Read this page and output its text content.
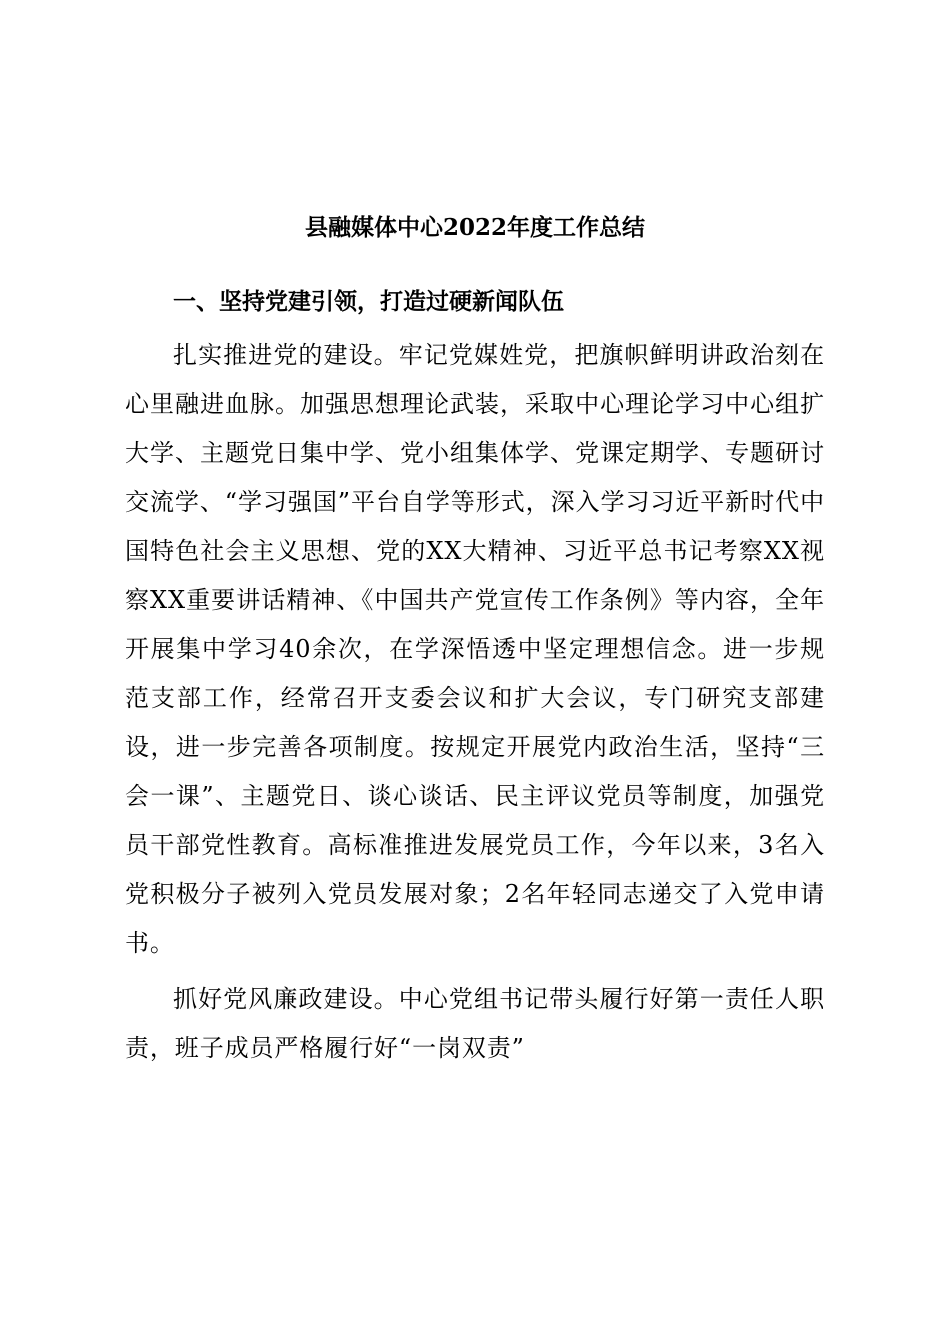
县融媒体中心2022年度工作总结
一、坚持党建引领，打造过硬新闻队伍

扎实推进党的建设。牢记党媒姓党，把旗帜鲜明讲政治刻在心里融进血脉。加强思想理论武装，采取中心理论学习中心组扩大学、主题党日集中学、党小组集体学、党课定期学、专题研讨交流学、“学习强国”平台自学等形式，深入学习习近平新时代中国特色社会主义思想、党的XX大精神、习近平总书记考察XX视察XX重要讲话精神、《中国共产党宣传工作条例》等内容，全年开展集中学习40余次，在学深悟透中坚定理想信念。进一步规范支部工作，经常召开支委会议和扩大会议，专门研究支部建设，进一步完善各项制度。按规定开展党内政治生活，坚持“三会一课”、主题党日、谈心谈话、民主评议党员等制度，加强党员干部党性教育。高标准推进发展党员工作，今年以来，3名入党积极分子被列入党员发展对象；2名年轻同志递交了入党申请书。

抓好党风廉政建设。中心党组书记带头履行好第一责任人职责，班子成员严格履行好“一岗双责”
